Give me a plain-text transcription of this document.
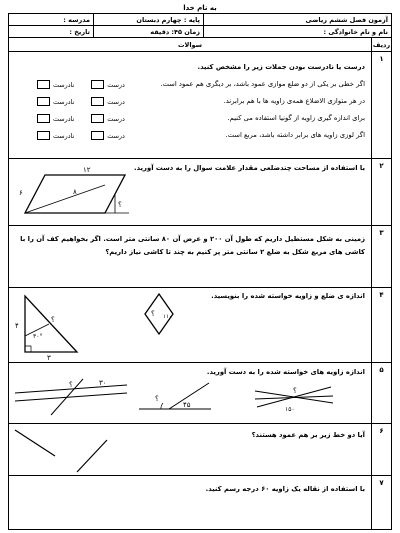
به نام خدا
آزمون فصل ششم ریاضی
پایه : چهارم دبستان
مدرسه :
نام و نام خانوادگی :
زمان ۴۵: دقیقه
تاریخ :
ردیف
سوالات
۱
درست یا نادرست بودن جملات زیر را مشخص کنید.
اگر خطی بر یکی از دو ضلع موازی عمود باشد، بر دیگری هم عمود است.
در هر متوازی الاضلاع همه‌ی زاویه ها با هم برابرند.
برای اندازه گیری زاویه از گونیا استفاده می کنیم.
اگر لوزی زاویه های برابر داشته باشد، مربع است.
درست
نادرست
درست
نادرست
درست
نادرست
درست
نادرست
۲
با استفاده از مساحت چندضلعی مقدار علامت سوال را به دست آورید.
۱۲
۸
۶
؟
۳
زمینی به شکل مستطیل داریم که طول آن ۲۰۰ و عرض آن ۸۰ سانتی متر است. اگر بخواهیم کف آن را با
کاشی های مربع شکل به ضلع ۲ سانتی متر پر کنیم به چند تا کاشی نیاز داریم؟
۴
اندازه ی ضلع و زاویه خواسته شده را بنویسید.
۴
۳۰°
؟
۳
؟ ۱۱۰
۵
اندازه زاویه های خواسته شده را به دست آورید.
۳۰
؟
؟
۴۵
؟
۱۵۰
۶
آیا دو خط زیر بر هم عمود هستند؟
۷
با استفاده از نقاله یک زاویه ۶۰ درجه رسم کنید.
